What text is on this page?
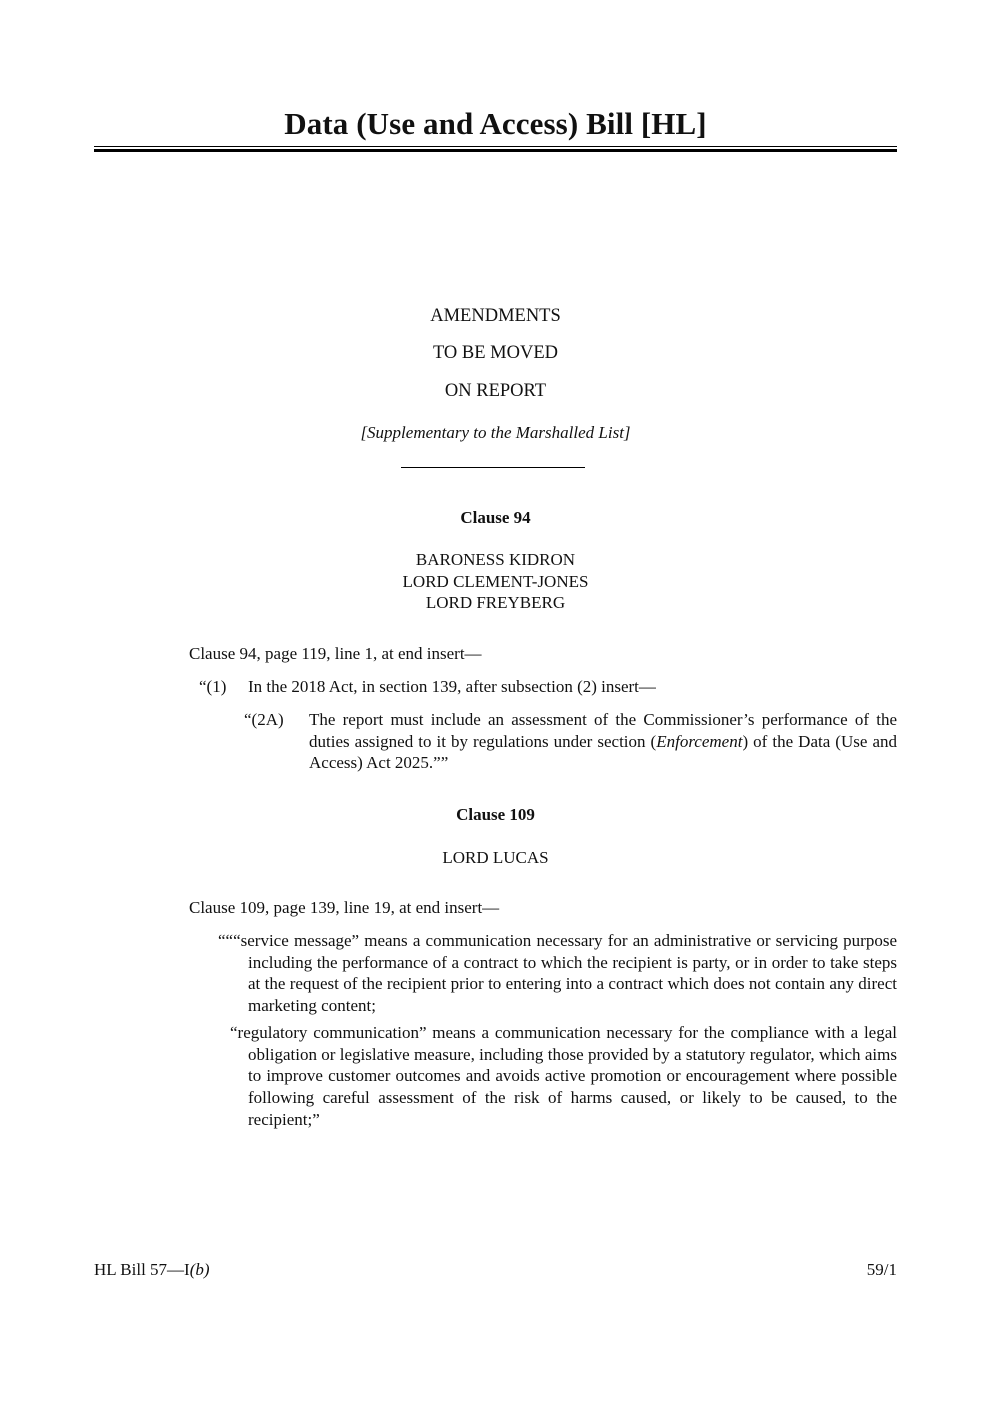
Data (Use and Access) Bill [HL]
AMENDMENTS
TO BE MOVED
ON REPORT
[Supplementary to the Marshalled List]
Clause 94
BARONESS KIDRON
LORD CLEMENT-JONES
LORD FREYBERG
Clause 94, page 119, line 1, at end insert—
“(1) In the 2018 Act, in section 139, after subsection (2) insert—
“(2A) The report must include an assessment of the Commissioner’s performance of the duties assigned to it by regulations under section (Enforcement) of the Data (Use and Access) Act 2025.””
Clause 109
LORD LUCAS
Clause 109, page 139, line 19, at end insert—
“““service message” means a communication necessary for an administrative or servicing purpose including the performance of a contract to which the recipient is party, or in order to take steps at the request of the recipient prior to entering into a contract which does not contain any direct marketing content;
“regulatory communication” means a communication necessary for the compliance with a legal obligation or legislative measure, including those provided by a statutory regulator, which aims to improve customer outcomes and avoids active promotion or encouragement where possible following careful assessment of the risk of harms caused, or likely to be caused, to the recipient;”
HL Bill 57—I(b)	59/1
